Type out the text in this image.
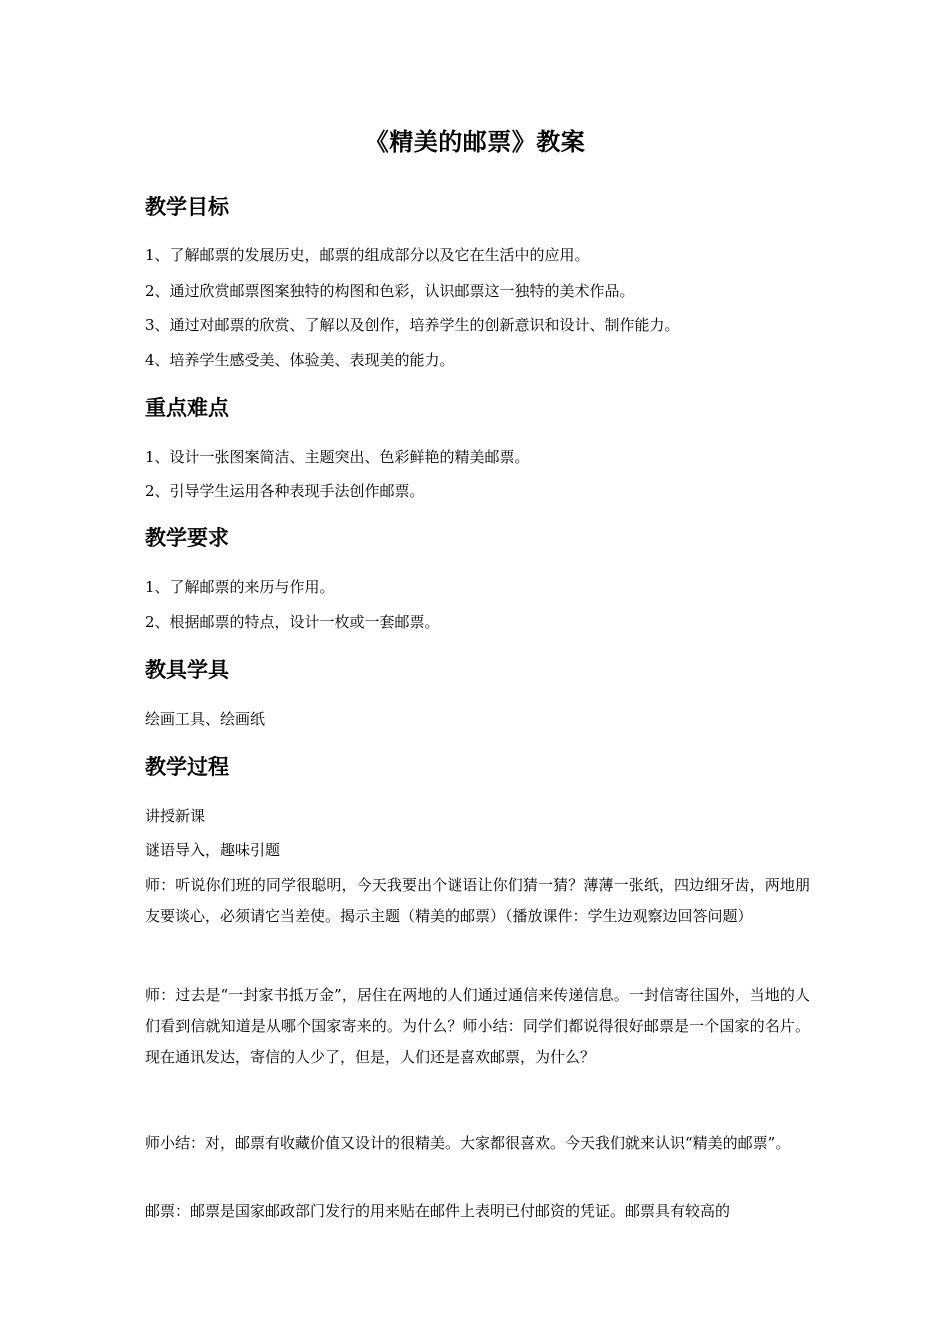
《精美的邮票》教案
教学目标
1、了解邮票的发展历史，邮票的组成部分以及它在生活中的应用。
2、通过欣赏邮票图案独特的构图和色彩，认识邮票这一独特的美术作品。
3、通过对邮票的欣赏、了解以及创作，培养学生的创新意识和设计、制作能力。
4、培养学生感受美、体验美、表现美的能力。
重点难点
1、设计一张图案简洁、主题突出、色彩鲜艳的精美邮票。
2、引导学生运用各种表现手法创作邮票。
教学要求
1、了解邮票的来历与作用。
2、根据邮票的特点，设计一枚或一套邮票。
教具学具
绘画工具、绘画纸
教学过程
讲授新课
谜语导入，趣味引题
师：听说你们班的同学很聪明，今天我要出个谜语让你们猜一猜？薄薄一张纸，四边细牙齿，两地朋友要谈心，必须请它当差使。揭示主题（精美的邮票）（播放课件：学生边观察边回答问题）
师：过去是“一封家书抵万金”，居住在两地的人们通过通信来传递信息。一封信寄往国外，当地的人们看到信就知道是从哪个国家寄来的。为什么？师小结：同学们都说得很好邮票是一个国家的名片。现在通讯发达，寄信的人少了，但是，人们还是喜欢邮票，为什么？
师小结：对，邮票有收藏价值又设计的很精美。大家都很喜欢。今天我们就来认识“精美的邮票”。
邮票：邮票是国家邮政部门发行的用来贴在邮件上表明已付邮资的凭证。邮票具有较高的
